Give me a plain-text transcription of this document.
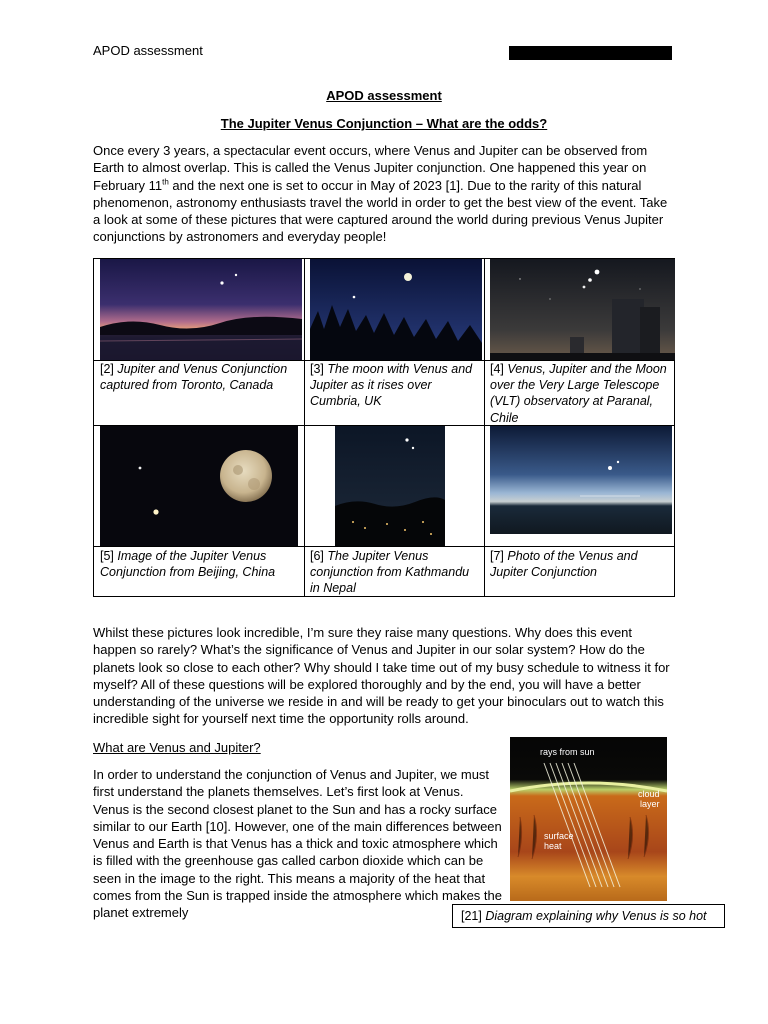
APOD assessment
APOD assessment
The Jupiter Venus Conjunction – What are the odds?
Once every 3 years, a spectacular event occurs, where Venus and Jupiter can be observed from Earth to almost overlap. This is called the Venus Jupiter conjunction. One happened this year on February 11th and the next one is set to occur in May of 2023 [1]. Due to the rarity of this natural phenomenon, astronomy enthusiasts travel the world in order to get the best view of the event. Take a look at some of these pictures that were captured around the world during previous Venus Jupiter conjunctions by astronomers and everyday people!
[2] Jupiter and Venus Conjunction captured from Toronto, Canada
[3] The moon with Venus and Jupiter as it rises over Cumbria, UK
[4] Venus, Jupiter and the Moon over the Very Large Telescope (VLT) observatory at Paranal, Chile
[5] Image of the Jupiter Venus Conjunction from Beijing, China
[6] The Jupiter Venus conjunction from Kathmandu in Nepal
[7] Photo of the Venus and Jupiter Conjunction
Whilst these pictures look incredible, I’m sure they raise many questions. Why does this event happen so rarely? What’s the significance of Venus and Jupiter in our solar system? How do the planets look so close to each other? Why should I take time out of my busy schedule to witness it for myself? All of these questions will be explored thoroughly and by the end, you will have a better understanding of the universe we reside in and will be ready to get your binoculars out to watch this incredible sight for yourself next time the opportunity rolls around.
What are Venus and Jupiter?
In order to understand the conjunction of Venus and Jupiter, we must first understand the planets themselves. Let’s first look at Venus. Venus is the second closest planet to the Sun and has a rocky surface similar to our Earth [10]. However, one of the main differences between Venus and Earth is that Venus has a thick and toxic atmosphere which is filled with the greenhouse gas called carbon dioxide which can be seen in the image to the right. This means a majority of the heat that comes from the Sun is trapped inside the atmosphere which makes the planet extremely
rays from sun
cloud
layer
surface
heat
[21] Diagram explaining why Venus is so hot
